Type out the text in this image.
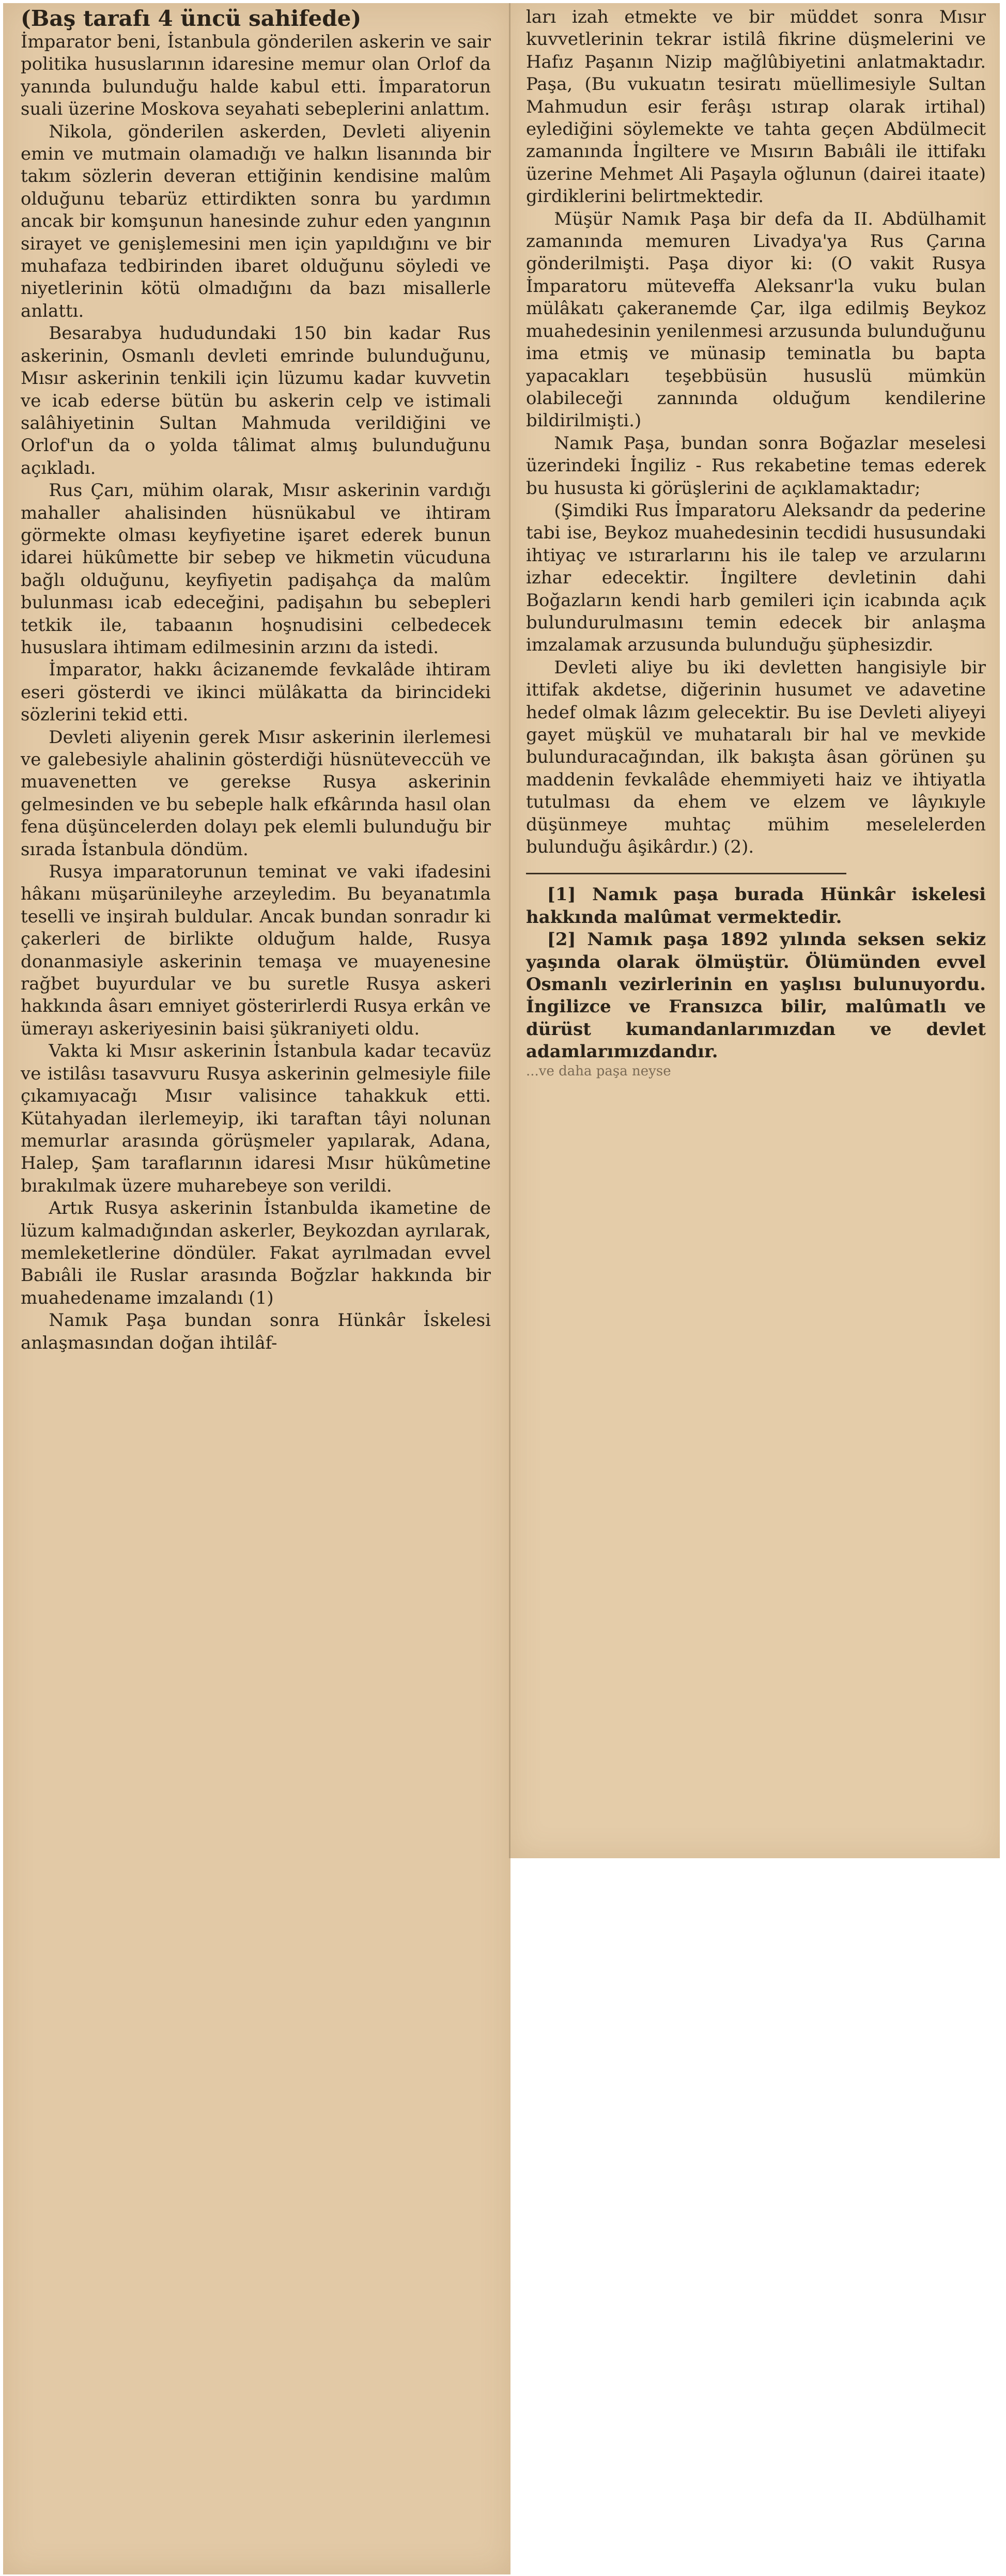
(Baş tarafı 4 üncü sahifede)

İmparator beni, İstanbula gönderilen askerin ve sair politika hususlarının idaresine memur olan Orlof da yanında bulunduğu halde kabul etti. İmparatorun suali üzerine Moskova seyahati sebeplerini anlattım.

Nikola, gönderilen askerden, Devleti aliyenin emin ve mutmain olamadığı ve halkın lisanında bir takım sözlerin deveran ettiğinin kendisine malûm olduğunu tebarüz ettirdikten sonra bu yardımın ancak bir komşunun hanesinde zuhur eden yangının sirayet ve genişlemesini men için yapıldığını ve bir muhafaza tedbirinden ibaret olduğunu söyledi ve niyetlerinin kötü olmadığını da bazı misallerle anlattı.

Besarabya hududundaki 150 bin kadar Rus askerinin, Osmanlı devleti emrinde bulunduğunu, Mısır askerinin tenkili için lüzumu kadar kuvvetin ve icab ederse bütün bu askerin celp ve istimali salâhiyetinin Sultan Mahmuda verildiğini ve Orlof'un da o yolda tâlimat almış bulunduğunu açıkladı.

Rus Çarı, mühim olarak, Mısır askerinin vardığı mahaller ahalisinden hüsnükabul ve ihtiram görmekte olması keyfiyetine işaret ederek bunun idarei hükûmette bir sebep ve hikmetin vücuduna bağlı olduğunu, keyfiyetin padişahça da malûm bulunması icab edeceğini, padişahın bu sebepleri tetkik ile, tabaanın hoşnudisini celbedecek hususlara ihtimam edilmesinin arzını da istedi.

İmparator, hakkı âcizanemde fevkalâde ihtiram eseri gösterdi ve ikinci mülâkatta da birincideki sözlerini tekid etti.

Devleti aliyenin gerek Mısır askerinin ilerlemesi ve galebesiyle ahalinin gösterdiği hüsnüteveccüh ve muavenetten ve gerekse Rusya askerinin gelmesinden ve bu sebeple halk efkârında hasıl olan fena düşüncelerden dolayı pek elemli bulunduğu bir sırada İstanbula döndüm.

Rusya imparatorunun teminat ve vaki ifadesini hâkanı müşarünileyhe arzeyledim. Bu beyanatımla teselli ve inşirah buldular. Ancak bundan sonradır ki çakerleri de birlikte olduğum halde, Rusya donanmasiyle askerinin temaşa ve muayenesine rağbet buyurdular ve bu suretle Rusya askeri hakkında âsarı emniyet gösterirlerdi Rusya erkân ve ümerayı askeriyesinin baisi şükraniyeti oldu.

Vakta ki Mısır askerinin İstanbula kadar tecavüz ve istilâsı tasavvuru Rusya askerinin gelmesiyle fiile çıkamıyacağı Mısır valisince tahakkuk etti. Kütahyadan ilerlemeyip, iki taraftan tâyi nolunan memurlar arasında görüşmeler yapılarak, Adana, Halep, Şam taraflarının idaresi Mısır hükûmetine bırakılmak üzere muharebeye son verildi.

Artık Rusya askerinin İstanbulda ikametine de lüzum kalmadığından askerler, Beykozdan ayrılarak, memleketlerine döndüler. Fakat ayrılmadan evvel Babıâli ile Ruslar arasında Boğzlar hakkında bir muahedename imzalandı (1)

Namık Paşa bundan sonra Hünkâr İskelesi anlaşmasından doğan ihtilâf-

ları izah etmekte ve bir müddet sonra Mısır kuvvetlerinin tekrar istilâ fikrine düşmelerini ve Hafız Paşanın Nizip mağlûbiyetini anlatmaktadır. Paşa, (Bu vukuatın tesiratı müellimesiyle Sultan Mahmudun esir ferâşı ıstırap olarak irtihal) eylediğini söylemekte ve tahta geçen Abdülmecit zamanında İngiltere ve Mısırın Babıâli ile ittifakı üzerine Mehmet Ali Paşayla oğlunun (dairei itaate) girdiklerini belirtmektedir.

Müşür Namık Paşa bir defa da II. Abdülhamit zamanında memuren Livadya'ya Rus Çarına gönderilmişti. Paşa diyor ki: (O vakit Rusya İmparatoru müteveffa Aleksanr'la vuku bulan mülâkatı çakeranemde Çar, ilga edilmiş Beykoz muahedesinin yenilenmesi arzusunda bulunduğunu ima etmiş ve münasip teminatla bu bapta yapacakları teşebbüsün hususlü mümkün olabileceği zannında olduğum kendilerine bildirilmişti.)

Namık Paşa, bundan sonra Boğazlar meselesi üzerindeki İngiliz - Rus rekabetine temas ederek bu hususta ki görüşlerini de açıklamaktadır;

(Şimdiki Rus İmparatoru Aleksandr da pederine tabi ise, Beykoz muahedesinin tecdidi hususundaki ihtiyaç ve ıstırarlarını his ile talep ve arzularını izhar edecektir. İngiltere devletinin dahi Boğazların kendi harb gemileri için icabında açık bulundurulmasını temin edecek bir anlaşma imzalamak arzusunda bulunduğu şüphesizdir.

Devleti aliye bu iki devletten hangisiyle bir ittifak akdetse, diğerinin husumet ve adavetine hedef olmak lâzım gelecektir. Bu ise Devleti aliyeyi gayet müşkül ve muhataralı bir hal ve mevkide bulunduracağından, ilk bakışta âsan görünen şu maddenin fevkalâde ehemmiyeti haiz ve ihtiyatla tutulması da ehem ve elzem ve lâyıkıyle düşünmeye muhtaç mühim meselelerden bulunduğu âşikârdır.) (2).

[1] Namık paşa burada Hünkâr iskelesi hakkında malûmat vermektedir.

[2] Namık paşa 1892 yılında seksen sekiz yaşında olarak ölmüştür. Ölümünden evvel Osmanlı vezirlerinin en yaşlısı bulunuyordu. İngilizce ve Fransızca bilir, malûmatlı ve dürüst kumandanlarımızdan ve devlet adamlarımızdandır.

...ve daha paşa neyse
